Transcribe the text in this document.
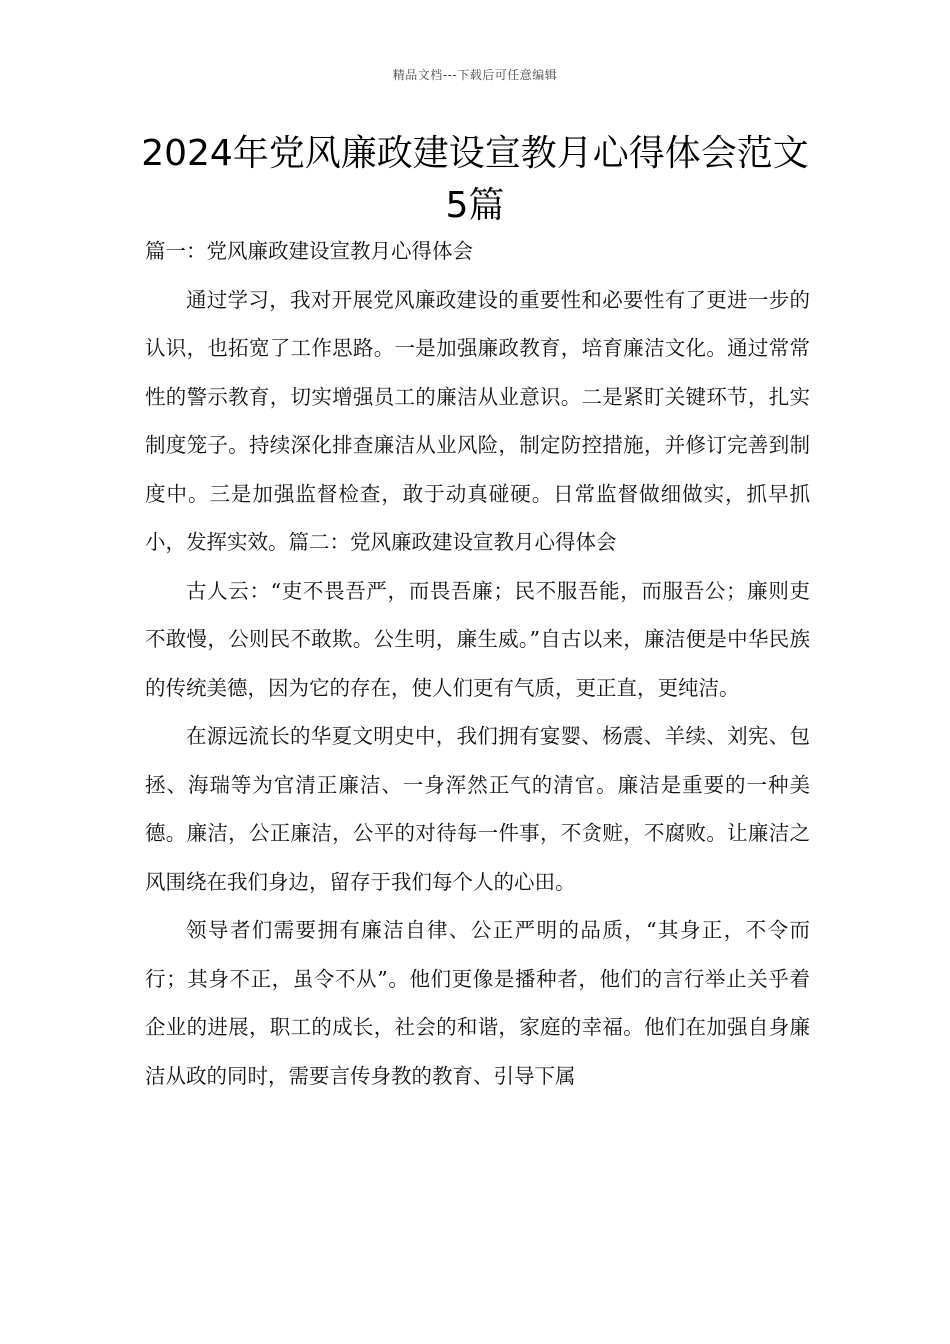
精品文档---下载后可任意编辑
2024年党风廉政建设宣教月心得体会范文5篇

篇一：党风廉政建设宣教月心得体会

通过学习，我对开展党风廉政建设的重要性和必要性有了更进一步的认识，也拓宽了工作思路。一是加强廉政教育，培育廉洁文化。通过常常性的警示教育，切实增强员工的廉洁从业意识。二是紧盯关键环节，扎实制度笼子。持续深化排查廉洁从业风险，制定防控措施，并修订完善到制度中。三是加强监督检查，敢于动真碰硬。日常监督做细做实，抓早抓小，发挥实效。篇二：党风廉政建设宣教月心得体会

古人云：“吏不畏吾严，而畏吾廉；民不服吾能，而服吾公；廉则吏不敢慢，公则民不敢欺。公生明，廉生威。”自古以来，廉洁便是中华民族的传统美德，因为它的存在，使人们更有气质，更正直，更纯洁。

在源远流长的华夏文明史中，我们拥有宴婴、杨震、羊续、刘宪、包拯、海瑞等为官清正廉洁、一身浑然正气的清官。廉洁是重要的一种美德。廉洁，公正廉洁，公平的对待每一件事，不贪赃，不腐败。让廉洁之风围绕在我们身边，留存于我们每个人的心田。

领导者们需要拥有廉洁自律、公正严明的品质，“其身正，不令而行；其身不正，虽令不从”。他们更像是播种者，他们的言行举止关乎着企业的进展，职工的成长，社会的和谐，家庭的幸福。他们在加强自身廉洁从政的同时，需要言传身教的教育、引导下属
